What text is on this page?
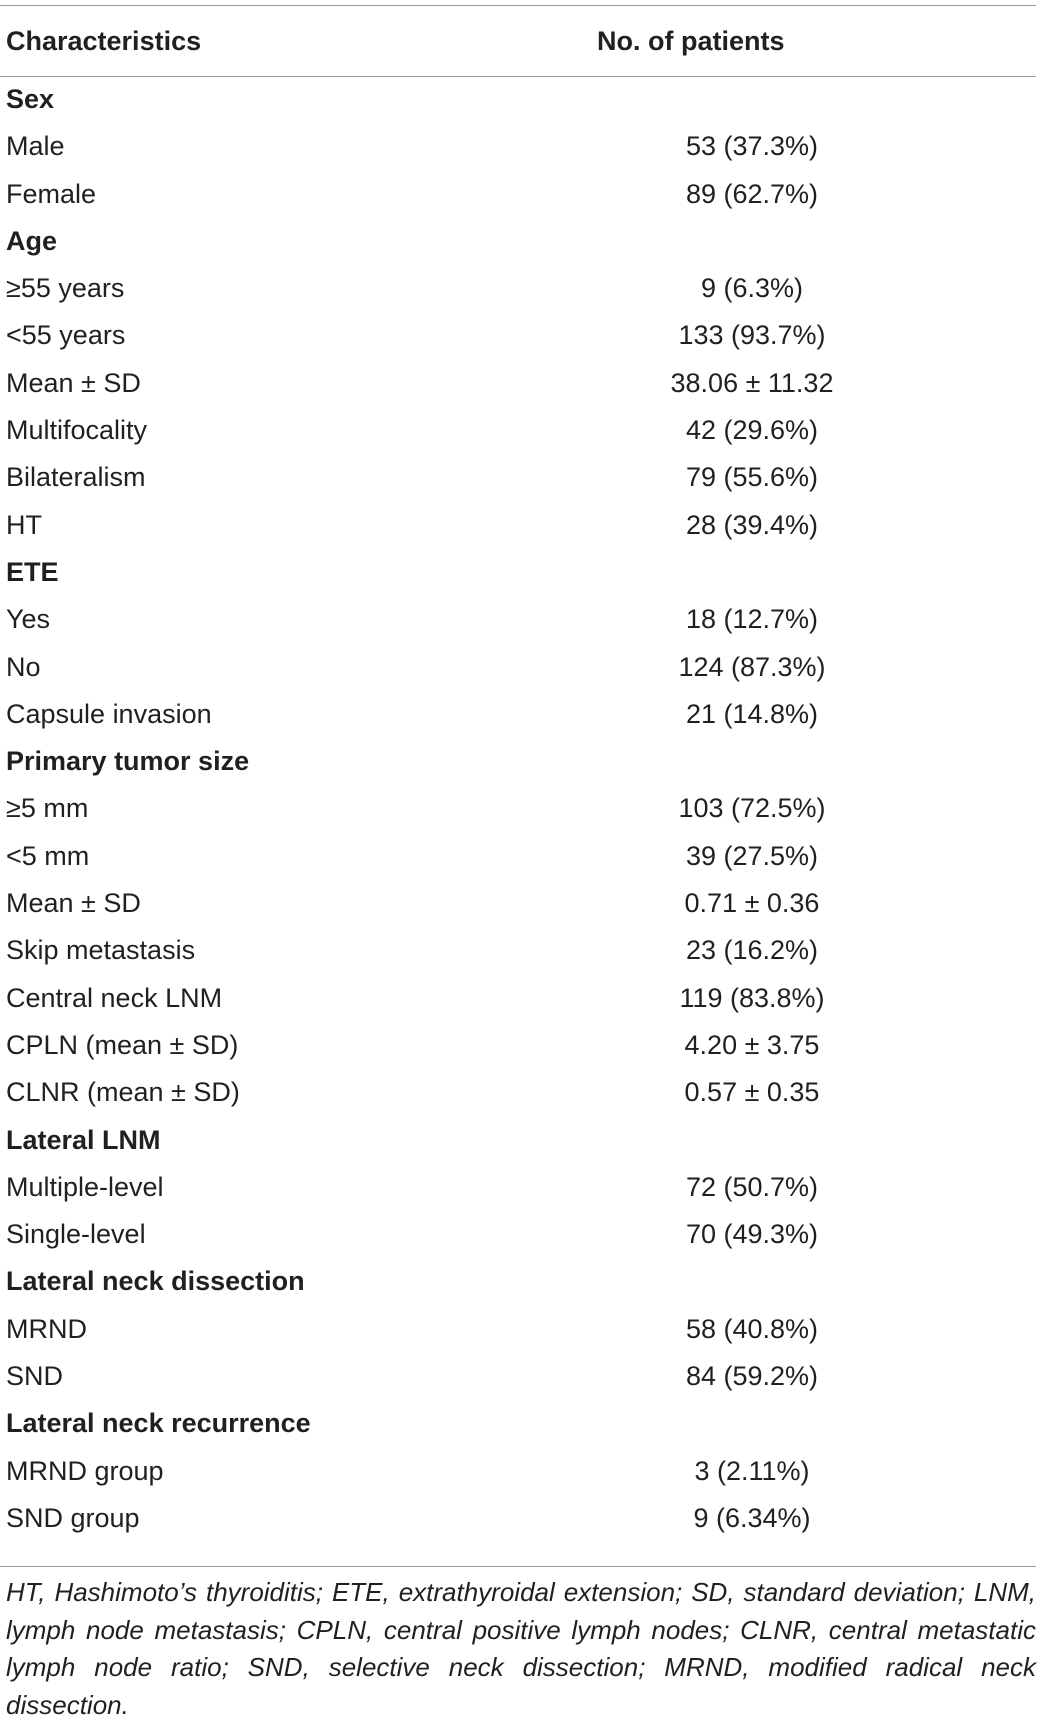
Characteristics	No. of patients
Sex	
Male	53 (37.3%)
Female	89 (62.7%)
Age	
≥55 years	9 (6.3%)
<55 years	133 (93.7%)
Mean ± SD	38.06 ± 11.32
Multifocality	42 (29.6%)
Bilateralism	79 (55.6%)
HT	28 (39.4%)
ETE	
Yes	18 (12.7%)
No	124 (87.3%)
Capsule invasion	21 (14.8%)
Primary tumor size	
≥5 mm	103 (72.5%)
<5 mm	39 (27.5%)
Mean ± SD	0.71 ± 0.36
Skip metastasis	23 (16.2%)
Central neck LNM	119 (83.8%)
CPLN (mean ± SD)	4.20 ± 3.75
CLNR (mean ± SD)	0.57 ± 0.35
Lateral LNM	
Multiple-level	72 (50.7%)
Single-level	70 (49.3%)
Lateral neck dissection	
MRND	58 (40.8%)
SND	84 (59.2%)
Lateral neck recurrence	
MRND group	3 (2.11%)
SND group	9 (6.34%)
HT, Hashimoto’s thyroiditis; ETE, extrathyroidal extension; SD, standard deviation; LNM, lymph node metastasis; CPLN, central positive lymph nodes; CLNR, central metastatic lymph node ratio; SND, selective neck dissection; MRND, modified radical neck dissection.
